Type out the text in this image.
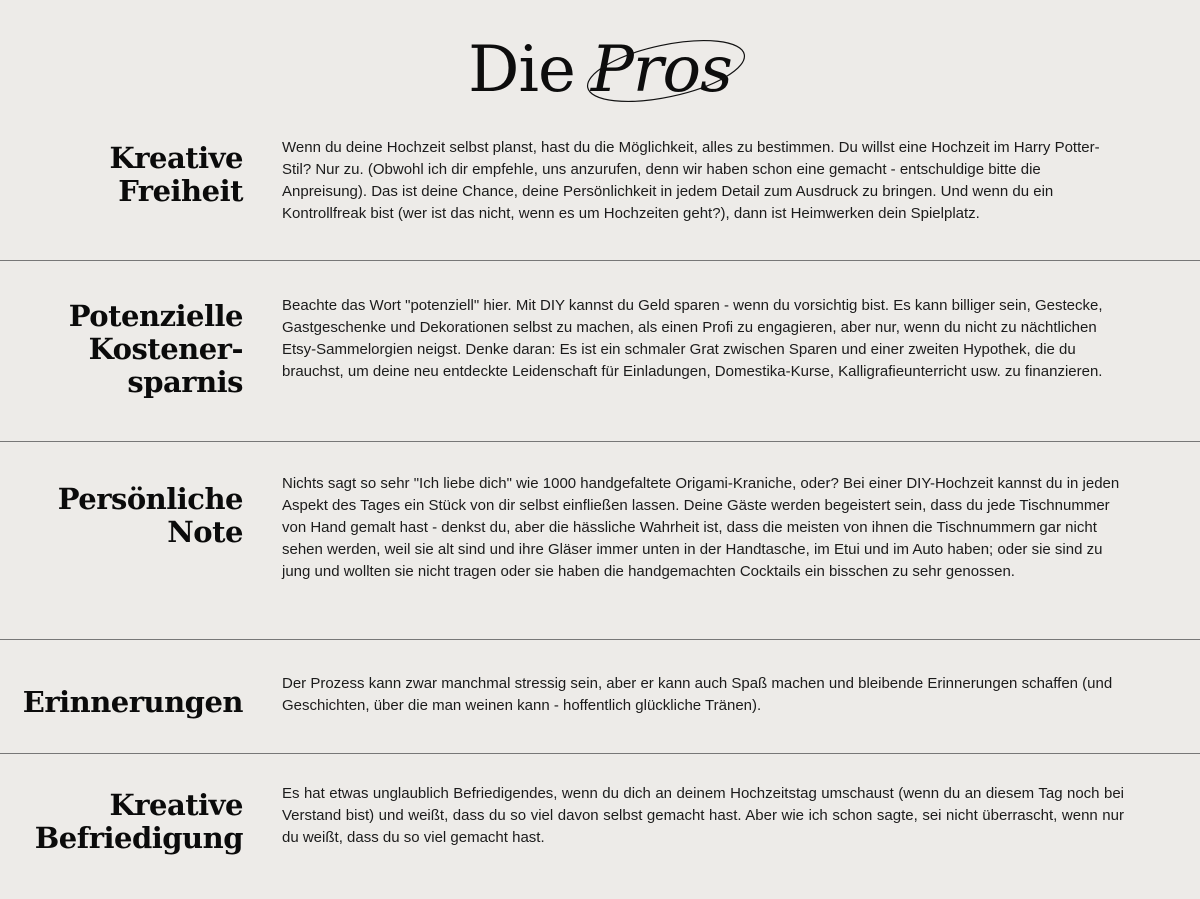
Die Pros
Kreative
Freiheit
Wenn du deine Hochzeit selbst planst, hast du die Möglichkeit, alles zu bestimmen. Du willst eine Hochzeit im Harry Potter-Stil? Nur zu. (Obwohl ich dir empfehle, uns anzurufen, denn wir haben schon eine gemacht - entschuldige bitte die Anpreisung). Das ist deine Chance, deine Persönlichkeit in jedem Detail zum Ausdruck zu bringen. Und wenn du ein Kontrollfreak bist (wer ist das nicht, wenn es um Hochzeiten geht?), dann ist Heimwerken dein Spielplatz.
Potenzielle
Kostener-
sparnis
Beachte das Wort "potenziell" hier. Mit DIY kannst du Geld sparen - wenn du vorsichtig bist. Es kann billiger sein, Gestecke, Gastgeschenke und Dekorationen selbst zu machen, als einen Profi zu engagieren, aber nur, wenn du nicht zu nächtlichen Etsy-Sammelorgien neigst. Denke daran: Es ist ein schmaler Grat zwischen Sparen und einer zweiten Hypothek, die du brauchst, um deine neu entdeckte Leidenschaft für Einladungen, Domestika-Kurse, Kalligrafieunterricht usw. zu finanzieren.
Persönliche
Note
Nichts sagt so sehr "Ich liebe dich" wie 1000 handgefaltete Origami-Kraniche, oder? Bei einer DIY-Hochzeit kannst du in jeden Aspekt des Tages ein Stück von dir selbst einfließen lassen. Deine Gäste werden begeistert sein, dass du jede Tischnummer von Hand gemalt hast - denkst du, aber die hässliche Wahrheit ist, dass die meisten von ihnen die Tischnummern gar nicht sehen werden, weil sie alt sind und ihre Gläser immer unten in der Handtasche, im Etui und im Auto haben; oder sie sind zu jung und wollten sie nicht tragen oder sie haben die handgemachten Cocktails ein bisschen zu sehr genossen.
Erinnerungen
Der Prozess kann zwar manchmal stressig sein, aber er kann auch Spaß machen und bleibende Erinnerungen schaffen (und Geschichten, über die man weinen kann - hoffentlich glückliche Tränen).
Kreative
Befriedigung
Es hat etwas unglaublich Befriedigendes, wenn du dich an deinem Hochzeitstag umschaust (wenn du an diesem Tag noch bei Verstand bist) und weißt, dass du so viel davon selbst gemacht hast. Aber wie ich schon sagte, sei nicht überrascht, wenn nur du weißt, dass du so viel gemacht hast.
